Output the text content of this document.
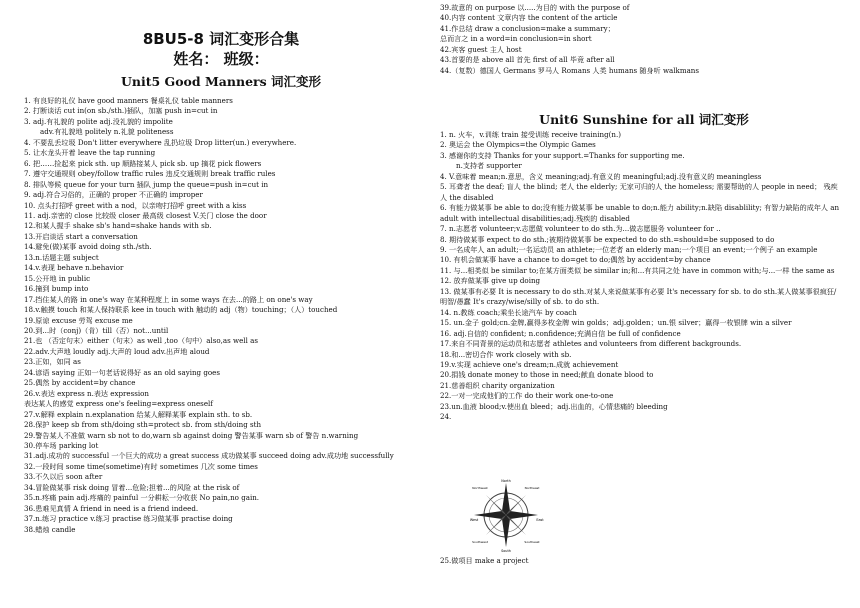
8BU5-8 词汇变形合集
姓名： 班级：
Unit5 Good Manners 词汇变形
1. 有良好的礼仪 have good manners 餐桌礼仪 table manners
2. 打断谈话 cut in(on sb./sth.)插队，加塞 push in=cut in
3. adj.有礼貌的 polite adj.没礼貌的 impolite
adv.有礼貌地 politely n.礼貌 politeness
4. 不要乱丢垃圾 Don't litter everywhere 乱扔垃圾 Drop litter(un.) everywhere.
5. 让水龙头开着 leave the tap running
6. 把……捡起来 pick sth. up 顺路接某人 pick sb. up 摘花 pick flowers
7. 遵守交通规则 obey/follow traffic rules 违反交通规则 break traffic rules
8. 排队等候 queue for your turn 插队 jump the queue=push in=cut in
9. adj.符合习俗的，正确的 proper 不正确的 improper
10. 点头打招呼 greet with a nod，以亲吻打招呼 greet with a kiss
11. adj.亲密的 close 比较级 closer 最高级 closest V.关门 close the door
12.和某人握手 shake sb's hand=shake hands with sb.
13.开启谈话 start a conversation
14.避免(做)某事 avoid doing sth./sth.
13.n.话题主题 subject
14.v.表现 behave n.behavior
15.公开地 in public
16.撞到 bump into
17.挡住某人的路 in one's way 在某种程度上 in some ways 在去...的路上 on one's way
18.v.触摸 touch 和某人保持联系 kee in touch with 触动的 adj（物）touching；（人）touched
19.原谅 excuse 劳驾 excuse me
20.到...时（conj)（肯）till（否）not...until
21.也 （否定句末）either（句末）as well ,too（句中）also,as well as
22.adv.大声地 loudly adj.大声的 loud adv.出声地 aloud
23.正如，如同 as
24.谚语 saying 正如一句老话说得好 as an old saying goes
25.偶然 by accident=by chance
26.v.表达 express n.表达 expression
表达某人的感觉 express one's feeling=express oneself
27.v.解释 explain n.explanation 给某人解释某事 explain sth. to sb.
28.保护 keep sb from sth/doing sth=protect sb. from sth/doing sth
29.警告某人不准做 warn sb not to do,warn sb against doing 警告某事 warn sb of 警告 n.warning
30.停车场 parking lot
31.adj.成功的 successful 一个巨大的成功 a great success 成功做某事 succeed doing adv.成功地 successfully
32.一段时间 some time(sometime)有时 sometimes 几次 some times
33.不久以后 soon after
34.冒险做某事 risk doing 冒着...危险;担着...的风险 at the risk of
35.n.疼痛 pain adj.疼痛的 painful 一分耕耘一分收获 No pain,no gain.
36.患难见真情 A friend in need is a friend indeed.
37.n.练习 practice v.练习 practise 练习做某事 practise doing
38.蜡烛 candle
39.故意的 on purpose 以.....为目的 with the purpose of
40.内容 content 文章内容 the content of the article
41.作总结 draw a conclusion=make a summary；
总而言之 in a word=in conclusion=in short
42.宾客 guest 主人 host
43.首要的是 above all 首先 first of all 毕竟 after all
44.（复数）德国人 Germans 罗马人 Romans 人类 humans 随身听 walkmans
Unit6 Sunshine for all 词汇变形
1. n. 火车，v.训练 train 接受训练 receive training(n.)
2. 奥运会 the Olympics=the Olympic Games
3. 感谢你的支持 Thanks for your support.=Thanks for supporting me.
n.支持者 supporter
4. V.意味着 mean;n.意思，含义 meaning;adj.有意义的 meaningful;adj.没有意义的 meaningless
5. 耳聋者 the deaf; 盲人 the blind; 老人 the elderly; 无家可归的人 the homeless; 需要帮助的人 people in need； 残疾人 the disabled
6. 有能力做某事 be able to do;没有能力做某事 be unable to do;n.能力 ability;n.缺陷 disablility; 有智力缺陷的成年人 an adult with intellectual disabilities;adj.残疾的 disabled
7. n.志愿者 volunteer;v.志愿做 volunteer to do sth.为...做志愿服务 volunteer for ..
8. 期待做某事 expect to do sth.;被期待做某事 be expected to do sth.=should=be supposed to do
9. 一名成年人 an adult;一名运动员 an athlete;一位老者 an elderly man;一个项目 an event;一个例子 an example
10. 有机会做某事 have a chance to do=get to do;偶然 by accident=by chance
11. 与...相类似 be similar to;在某方面类似 be similar in;和...有共同之处 have in common with;与...一样 the same as
12. 放弃做某事 give up doing
13. 做某事有必要 It is necessary to do sth.对某人来说做某事有必要 It's necessary for sb. to do sth.某人做某事很疯狂/明智/愚蠢 It's crazy/wise/silly of sb. to do sth.
14. n.教练 coach;乘坐长途汽车 by coach
15. un.金子 gold;cn.金牌,赢得多枚金牌 win golds；adj.golden；un.银 silver；赢得一枚银牌 win a silver
16. adj.自信的 confident; n.confidence;充满自信 be full of confidence
17.来自不同背景的运动员和志愿者 athletes and volunteers from different backgrounds.
18.和...密切合作 work closely with sb.
19.v.实现 achieve one's dream;n.成就 achievement
20.捐钱 donate money to those in need;献血 donate blood to
21.慈善组织 charity organization
22.一对一完成他们的工作 do their work one-to-one
23.un.血液 blood;v.使出血 bleed；adj.出血的，心情悲痛的 bleeding
24.
North
South
East
West
Northwest	Northeast
Southwest	Southeast
25.做项目 make a project
